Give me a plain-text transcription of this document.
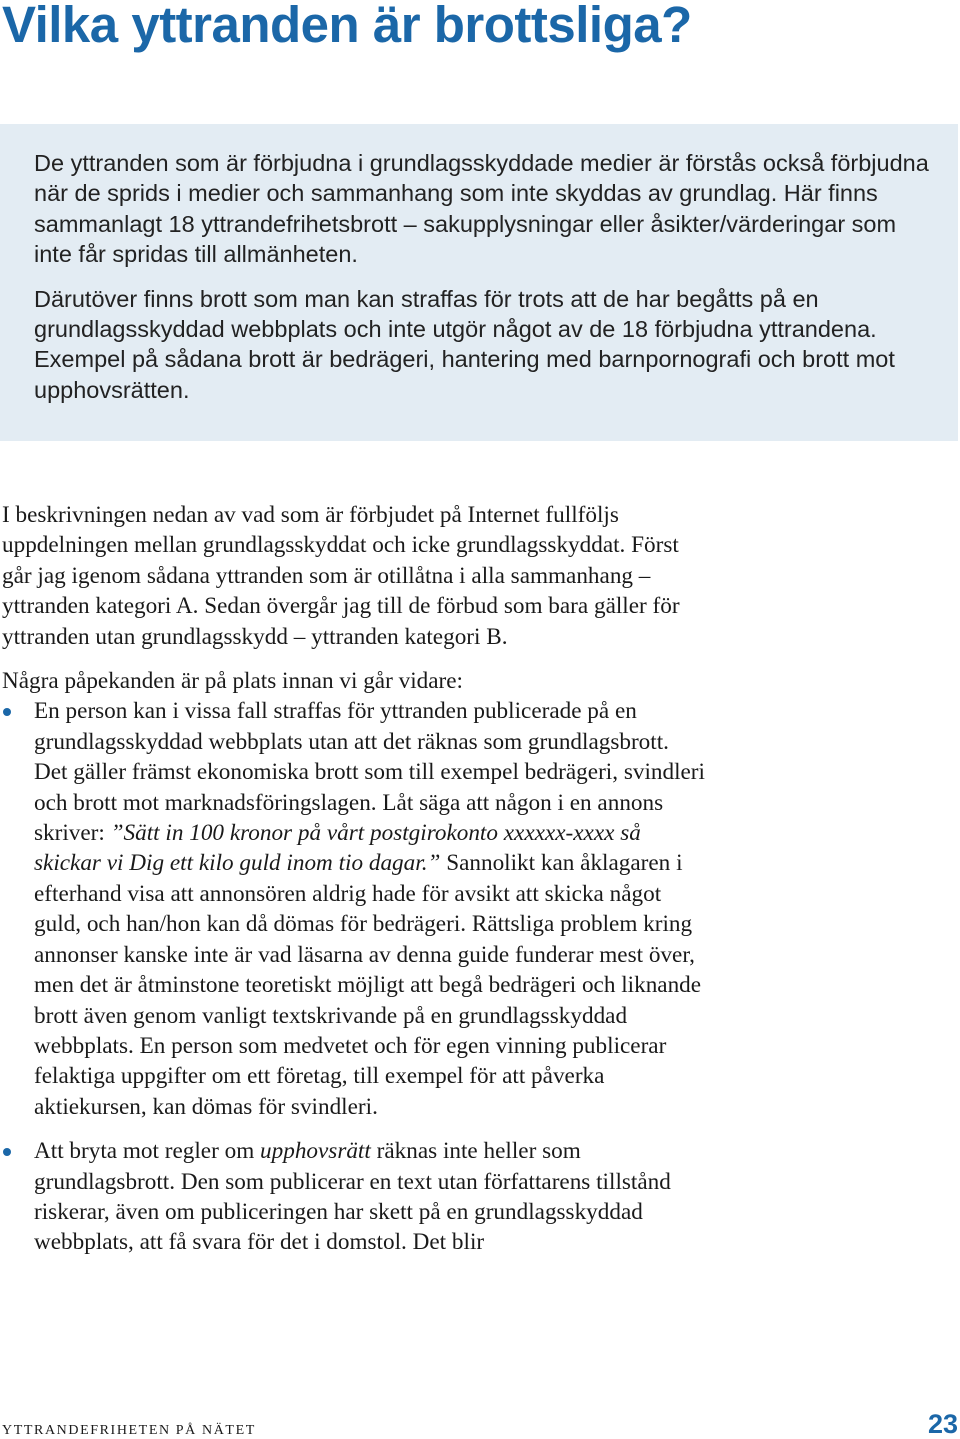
Vilka yttranden är brottsliga?

De yttranden som är förbjudna i grundlagsskyddade medier är förstås också förbjudna när de sprids i medier och sammanhang som inte skyddas av grundlag. Här finns sammanlagt 18 yttrandefrihetsbrott – sakupplysningar eller åsikter/värderingar som inte får spridas till allmänheten.

Därutöver finns brott som man kan straffas för trots att de har begåtts på en grundlagsskyddad webbplats och inte utgör något av de 18 förbjudna yttrandena. Exempel på sådana brott är bedrägeri, hantering med barnpornografi och brott mot upphovsrätten.

I beskrivningen nedan av vad som är förbjudet på Internet fullföljs uppdelningen mellan grundlagsskyddat och icke grundlagsskyddat. Först går jag igenom sådana yttranden som är otillåtna i alla sammanhang – yttranden kategori A. Sedan övergår jag till de förbud som bara gäller för yttranden utan grundlagsskydd – yttranden kategori B.

Några påpekanden är på plats innan vi går vidare:

En person kan i vissa fall straffas för yttranden publicerade på en grundlagsskyddad webbplats utan att det räknas som grundlagsbrott. Det gäller främst ekonomiska brott som till exempel bedrägeri, svindleri och brott mot marknadsföringslagen. Låt säga att någon i en annons skriver: ”Sätt in 100 kronor på vårt postgirokonto xxxxxx-xxxx så skickar vi Dig ett kilo guld inom tio dagar.” Sannolikt kan åklagaren i efterhand visa att annonsören aldrig hade för avsikt att skicka något guld, och han/hon kan då dömas för bedrägeri. Rättsliga problem kring annonser kanske inte är vad läsarna av denna guide funderar mest över, men det är åtminstone teoretiskt möjligt att begå bedrägeri och liknande brott även genom vanligt textskrivande på en grundlagsskyddad webbplats. En person som medvetet och för egen vinning publicerar felaktiga uppgifter om ett företag, till exempel för att påverka aktiekursen, kan dömas för svindleri.
Att bryta mot regler om upphovsrätt räknas inte heller som grundlagsbrott. Den som publicerar en text utan författarens tillstånd riskerar, även om publiceringen har skett på en grundlagsskyddad webbplats, att få svara för det i domstol. Det blir
YTTRANDEFRIHETEN PÅ NÄTET	23
